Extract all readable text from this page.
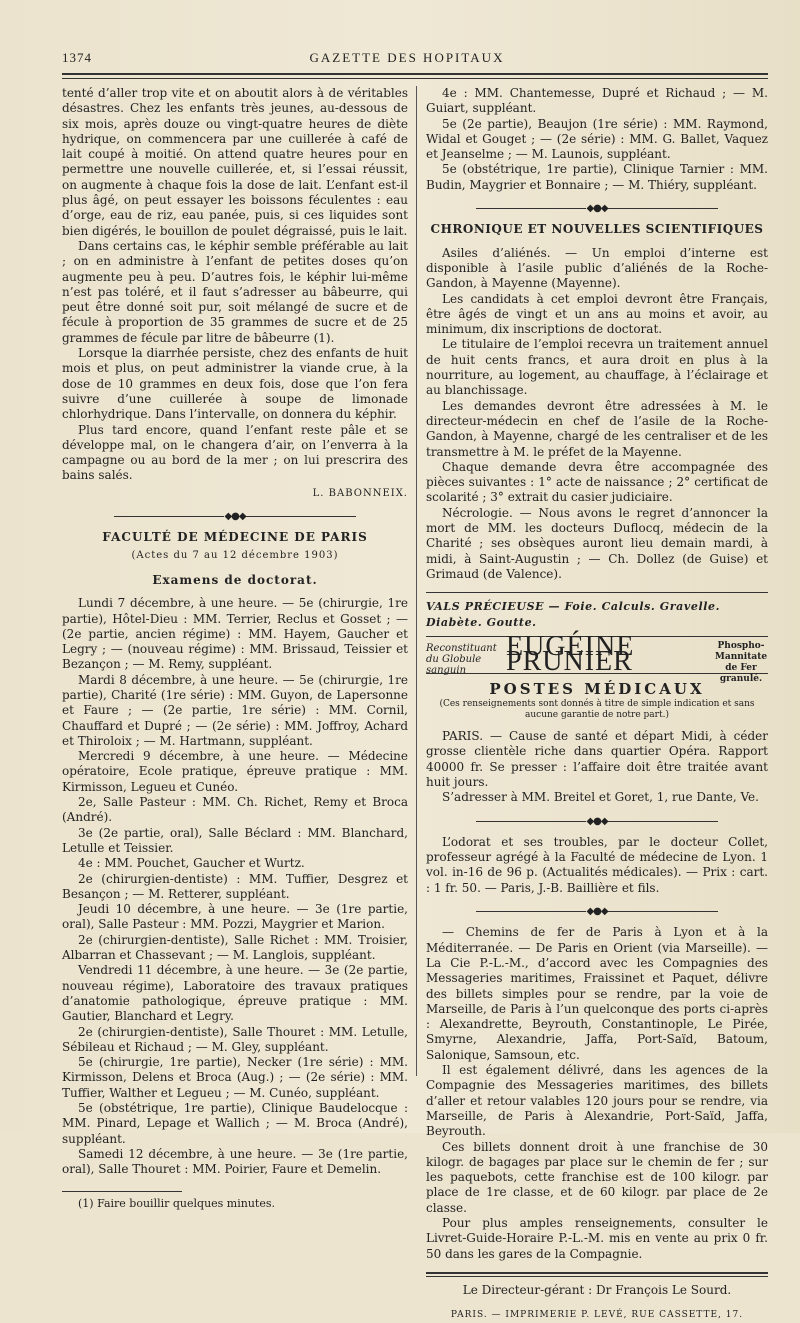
1374	GAZETTE DES HOPITAUX

tenté d’aller trop vite et on aboutit alors à de véritables désastres. Chez les enfants très jeunes, au-dessous de six mois, après douze ou vingt-quatre heures de diète hydrique, on commencera par une cuillerée à café de lait coupé à moitié. On attend quatre heures pour en permettre une nouvelle cuillerée, et, si l’essai réussit, on augmente à chaque fois la dose de lait. L’enfant est-il plus âgé, on peut essayer les boissons féculentes : eau d’orge, eau de riz, eau panée, puis, si ces liquides sont bien digérés, le bouillon de poulet dégraissé, puis le lait.

Dans certains cas, le képhir semble préférable au lait ; on en administre à l’enfant de petites doses qu’on augmente peu à peu. D’autres fois, le képhir lui-même n’est pas toléré, et il faut s’adresser au bâbeurre, qui peut être donné soit pur, soit mélangé de sucre et de fécule à proportion de 35 grammes de sucre et de 25 grammes de fécule par litre de bâbeurre (1).

Lorsque la diarrhée persiste, chez des enfants de huit mois et plus, on peut administrer la viande crue, à la dose de 10 grammes en deux fois, dose que l’on fera suivre d’une cuillerée à soupe de limonade chlorhydrique. Dans l’intervalle, on donnera du képhir.

Plus tard encore, quand l’enfant reste pâle et se développe mal, on le changera d’air, on l’enverra à la campagne ou au bord de la mer ; on lui prescrira des bains salés.

L. BABONNEIX.
◆●◆
FACULTÉ DE MÉDECINE DE PARIS
(Actes du 7 au 12 décembre 1903)
Examens de doctorat.

Lundi 7 décembre, à une heure. — 5e (chirurgie, 1re partie), Hôtel-Dieu : MM. Terrier, Reclus et Gosset ; — (2e partie, ancien régime) : MM. Hayem, Gaucher et Legry ; — (nouveau régime) : MM. Brissaud, Teissier et Bezançon ; — M. Remy, suppléant.

Mardi 8 décembre, à une heure. — 5e (chirurgie, 1re partie), Charité (1re série) : MM. Guyon, de Lapersonne et Faure ; — (2e partie, 1re série) : MM. Cornil, Chauffard et Dupré ; — (2e série) : MM. Joffroy, Achard et Thiroloix ; — M. Hartmann, suppléant.

Mercredi 9 décembre, à une heure. — Médecine opératoire, Ecole pratique, épreuve pratique : MM. Kirmisson, Legueu et Cunéo.

2e, Salle Pasteur : MM. Ch. Richet, Remy et Broca (André).

3e (2e partie, oral), Salle Béclard : MM. Blanchard, Letulle et Teissier.

4e : MM. Pouchet, Gaucher et Wurtz.

2e (chirurgien-dentiste) : MM. Tuffier, Desgrez et Besançon ; — M. Retterer, suppléant.

Jeudi 10 décembre, à une heure. — 3e (1re partie, oral), Salle Pasteur : MM. Pozzi, Maygrier et Marion.

2e (chirurgien-dentiste), Salle Richet : MM. Troisier, Albarran et Chassevant ; — M. Langlois, suppléant.

Vendredi 11 décembre, à une heure. — 3e (2e partie, nouveau régime), Laboratoire des travaux pratiques d’anatomie pathologique, épreuve pratique : MM. Gautier, Blanchard et Legry.

2e (chirurgien-dentiste), Salle Thouret : MM. Letulle, Sébileau et Richaud ; — M. Gley, suppléant.

5e (chirurgie, 1re partie), Necker (1re série) : MM. Kirmisson, Delens et Broca (Aug.) ; — (2e série) : MM. Tuffier, Walther et Legueu ; — M. Cunéo, suppléant.

5e (obstétrique, 1re partie), Clinique Baudelocque : MM. Pinard, Lepage et Wallich ; — M. Broca (André), suppléant.

Samedi 12 décembre, à une heure. — 3e (1re partie, oral), Salle Thouret : MM. Poirier, Faure et Demelin.

(1) Faire bouillir quelques minutes.

4e : MM. Chantemesse, Dupré et Richaud ; — M. Guiart, suppléant.

5e (2e partie), Beaujon (1re série) : MM. Raymond, Widal et Gouget ; — (2e série) : MM. G. Ballet, Vaquez et Jeanselme ; — M. Launois, suppléant.

5e (obstétrique, 1re partie), Clinique Tarnier : MM. Budin, Maygrier et Bonnaire ; — M. Thiéry, suppléant.

◆●◆
CHRONIQUE ET NOUVELLES SCIENTIFIQUES

Asiles d’aliénés. — Un emploi d’interne est disponible à l’asile public d’aliénés de la Roche-Gandon, à Mayenne (Mayenne).

Les candidats à cet emploi devront être Français, être âgés de vingt et un ans au moins et avoir, au minimum, dix inscriptions de doctorat.

Le titulaire de l’emploi recevra un traitement annuel de huit cents francs, et aura droit en plus à la nourriture, au logement, au chauffage, à l’éclairage et au blanchissage.

Les demandes devront être adressées à M. le directeur-médecin en chef de l’asile de la Roche-Gandon, à Mayenne, chargé de les centraliser et de les transmettre à M. le préfet de la Mayenne.

Chaque demande devra être accompagnée des pièces suivantes : 1° acte de naissance ; 2° certificat de scolarité ; 3° extrait du casier judiciaire.

Nécrologie. — Nous avons le regret d’annoncer la mort de MM. les docteurs Duflocq, médecin de la Charité ; ses obsèques auront lieu demain mardi, à midi, à Saint-Augustin ; — Ch. Dollez (de Guise) et Grimaud (de Valence).

VALS PRÉCIEUSE — Foie. Calculs. Gravelle. Diabète. Goutte.
Reconstituant du Globule sanguin
EUGÉINE PRUNIER
Phospho-Mannitate de Fer granulé.
POSTES MÉDICAUX
(Ces renseignements sont donnés à titre de simple indication et sans aucune garantie de notre part.)

PARIS. — Cause de santé et départ Midi, à céder grosse clientèle riche dans quartier Opéra. Rapport 40000 fr. Se presser : l’affaire doit être traitée avant huit jours.

S’adresser à MM. Breitel et Goret, 1, rue Dante, Ve.

◆●◆

L’odorat et ses troubles, par le docteur Collet, professeur agrégé à la Faculté de médecine de Lyon. 1 vol. in-16 de 96 p. (Actualités médicales). — Prix : cart. : 1 fr. 50. — Paris, J.-B. Baillière et fils.

◆●◆

— Chemins de fer de Paris à Lyon et à la Méditerranée. — De Paris en Orient (via Marseille). — La Cie P.-L.-M., d’accord avec les Compagnies des Messageries maritimes, Fraissinet et Paquet, délivre des billets simples pour se rendre, par la voie de Marseille, de Paris à l’un quelconque des ports ci-après : Alexandrette, Beyrouth, Constantinople, Le Pirée, Smyrne, Alexandrie, Jaffa, Port-Saïd, Batoum, Salonique, Samsoun, etc.

Il est également délivré, dans les agences de la Compagnie des Messageries maritimes, des billets d’aller et retour valables 120 jours pour se rendre, via Marseille, de Paris à Alexandrie, Port-Saïd, Jaffa, Beyrouth.

Ces billets donnent droit à une franchise de 30 kilogr. de bagages par place sur le chemin de fer ; sur les paquebots, cette franchise est de 100 kilogr. par place de 1re classe, et de 60 kilogr. par place de 2e classe.

Pour plus amples renseignements, consulter le Livret-Guide-Horaire P.-L.-M. mis en vente au prix 0 fr. 50 dans les gares de la Compagnie.

Le Directeur-gérant : Dr François Le Sourd.
PARIS. — IMPRIMERIE P. LEVÉ, RUE CASSETTE, 17.
